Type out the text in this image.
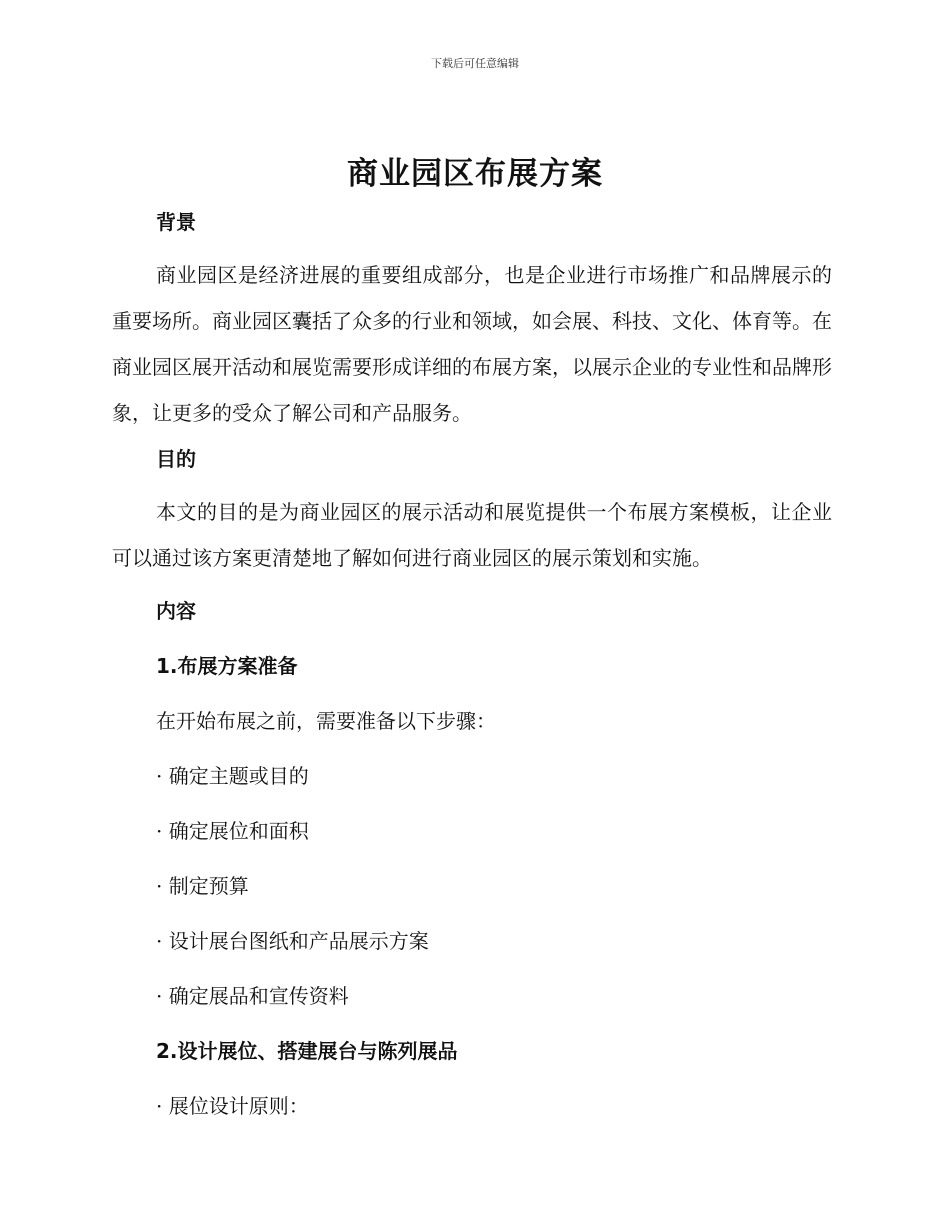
下载后可任意编辑
商业园区布展方案
背景

商业园区是经济进展的重要组成部分，也是企业进行市场推广和品牌展示的重要场所。商业园区囊括了众多的行业和领域，如会展、科技、文化、体育等。在商业园区展开活动和展览需要形成详细的布展方案，以展示企业的专业性和品牌形象，让更多的受众了解公司和产品服务。

目的

本文的目的是为商业园区的展示活动和展览提供一个布展方案模板，让企业可以通过该方案更清楚地了解如何进行商业园区的展示策划和实施。

内容
1.布展方案准备
在开始布展之前，需要准备以下步骤：
· 确定主题或目的
· 确定展位和面积
· 制定预算
· 设计展台图纸和产品展示方案
· 确定展品和宣传资料
2.设计展位、搭建展台与陈列展品
· 展位设计原则：
